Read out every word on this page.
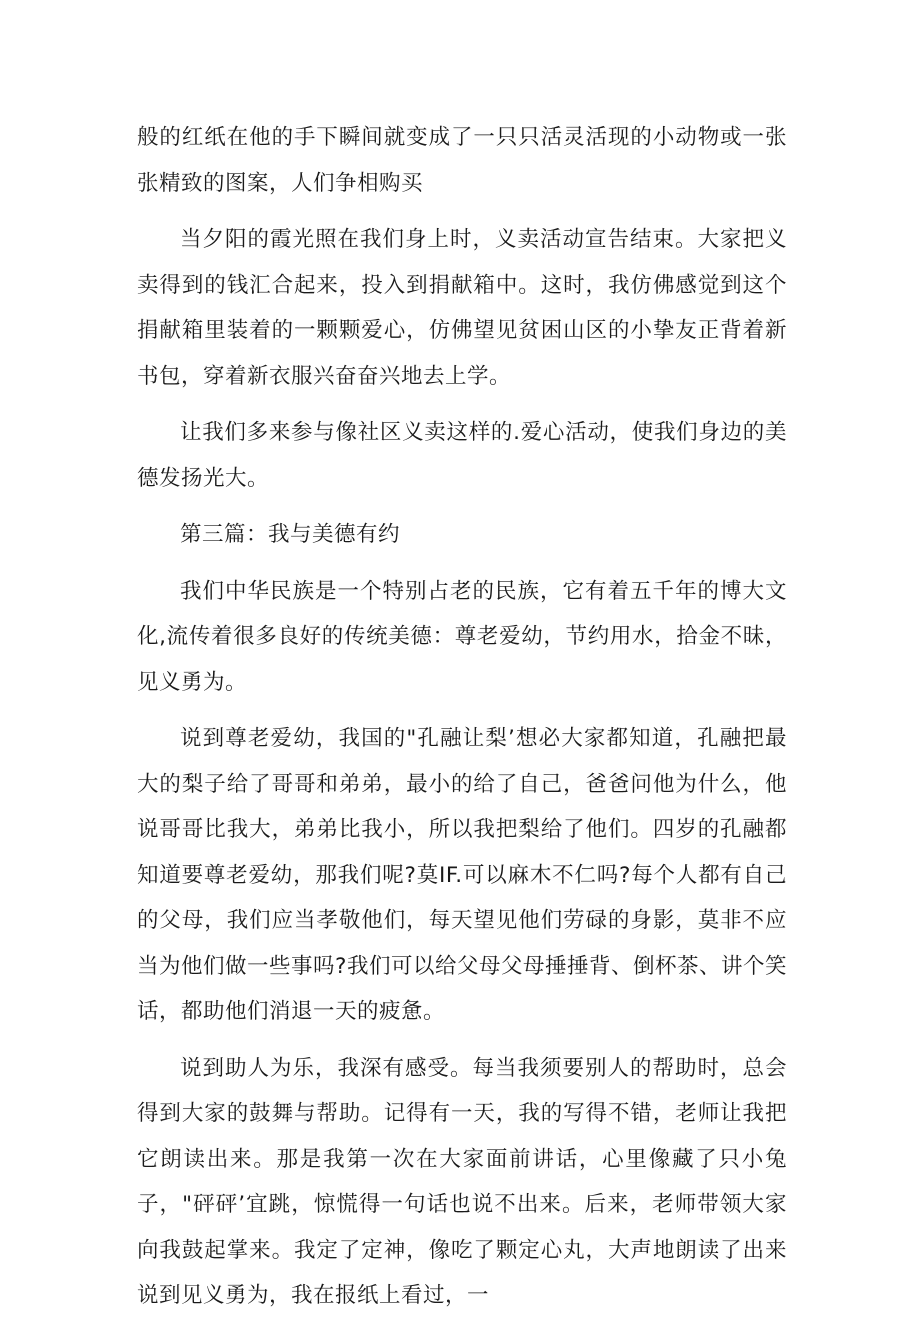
般的红纸在他的手下瞬间就变成了一只只活灵活现的小动物或一张张精致的图案，人们争相购买

当夕阳的霞光照在我们身上时，义卖活动宣告结束。大家把义卖得到的钱汇合起来，投入到捐献箱中。这时，我仿佛感觉到这个捐献箱里装着的一颗颗爱心，仿佛望见贫困山区的小挚友正背着新书包，穿着新衣服兴奋奋兴地去上学。

让我们多来参与像社区义卖这样的.爱心活动，使我们身边的美德发扬光大。

第三篇：我与美德有约

我们中华民族是一个特别占老的民族，它有着五千年的博大文化,流传着很多良好的传统美德：尊老爱幼，节约用水，拾金不昧，见义勇为。

说到尊老爱幼，我国的"孔融让梨’想必大家都知道，孔融把最大的梨子给了哥哥和弟弟，最小的给了自己，爸爸问他为什么，他说哥哥比我大，弟弟比我小，所以我把梨给了他们。四岁的孔融都知道要尊老爱幼，那我们呢?莫IF.可以麻木不仁吗?每个人都有自己的父母，我们应当孝敬他们，每天望见他们劳碌的身影，莫非不应当为他们做一些事吗?我们可以给父母父母捶捶背、倒杯茶、讲个笑话，都助他们消退一天的疲惫。

说到助人为乐，我深有感受。每当我须要别人的帮助时，总会得到大家的鼓舞与帮助。记得有一天，我的写得不错，老师让我把它朗读出来。那是我第一次在大家面前讲话，心里像藏了只小兔子，"砰砰’宜跳，惊慌得一句话也说不出来。后来，老师带领大家向我鼓起掌来。我定了定神，像吃了颗定心丸，大声地朗读了出来说到见义勇为，我在报纸上看过，一
